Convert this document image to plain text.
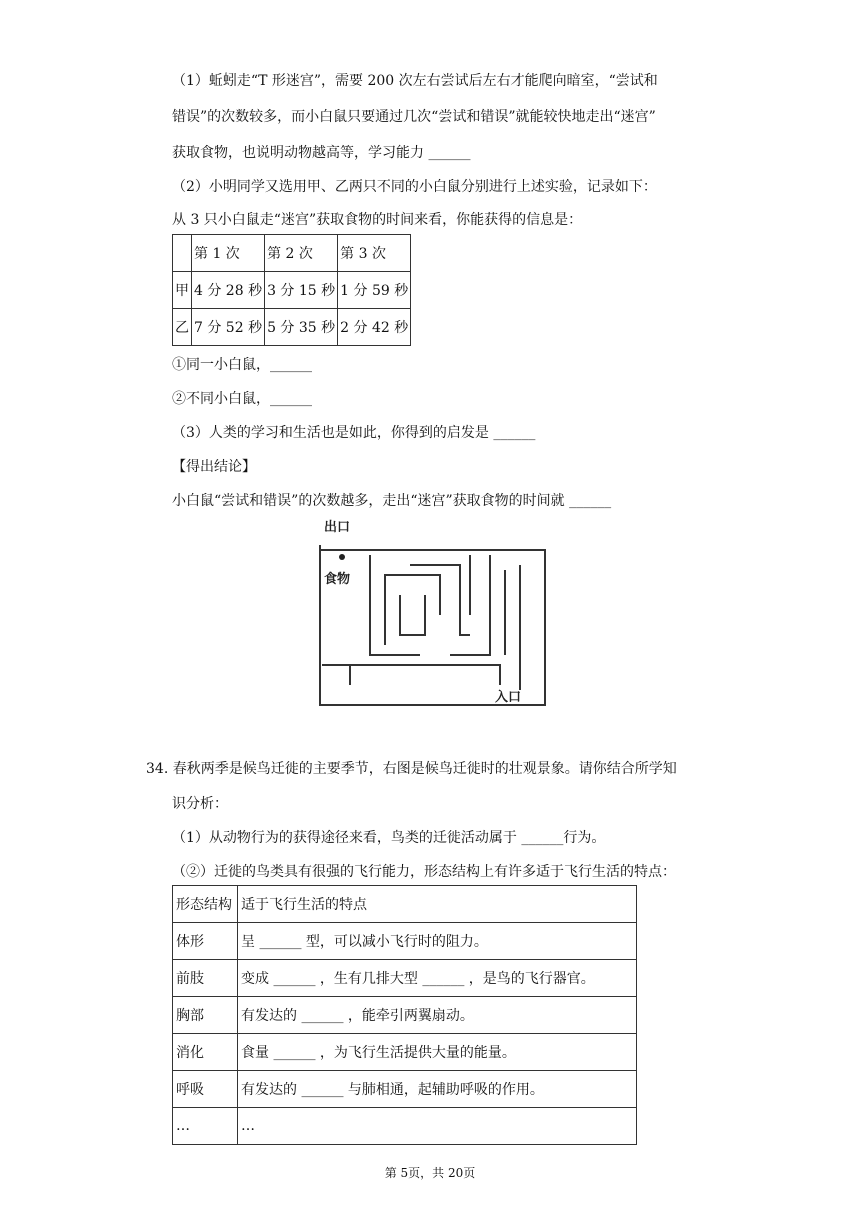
（1）蚯蚓走“T 形迷宫”，需要 200 次左右尝试后左右才能爬向暗室，“尝试和
错误”的次数较多，而小白鼠只要通过几次“尝试和错误”就能较快地走出“迷宫”
获取食物，也说明动物越高等，学习能力 ______
（2）小明同学又选用甲、乙两只不同的小白鼠分别进行上述实验，记录如下：
从 3 只小白鼠走“迷宫”获取食物的时间来看，你能获得的信息是：
	第 1 次	第 2 次	第 3 次
甲	4 分 28 秒	3 分 15 秒	1 分 59 秒
乙	7 分 52 秒	5 分 35 秒	2 分 42 秒
①同一小白鼠，______
②不同小白鼠，______
（3）人类的学习和生活也是如此，你得到的启发是 ______
【得出结论】
小白鼠“尝试和错误”的次数越多，走出“迷宫”获取食物的时间就 ______
出口
食物
入口
34. 春秋两季是候鸟迁徙的主要季节，右图是候鸟迁徙时的壮观景象。请你结合所学知
识分析：
（1）从动物行为的获得途径来看，鸟类的迁徙活动属于 ______行为。
（②）迁徙的鸟类具有很强的飞行能力，形态结构上有许多适于飞行生活的特点：
形态结构	适于飞行生活的特点
体形	呈 ______ 型，可以减小飞行时的阻力。
前肢	变成 ______ ，生有几排大型 ______ ，是鸟的飞行器官。
胸部	有发达的 ______ ，能牵引两翼扇动。
消化	食量 ______ ，为飞行生活提供大量的能量。
呼吸	有发达的 ______ 与肺相通，起辅助呼吸的作用。
…	…
第 5页，共 20页
